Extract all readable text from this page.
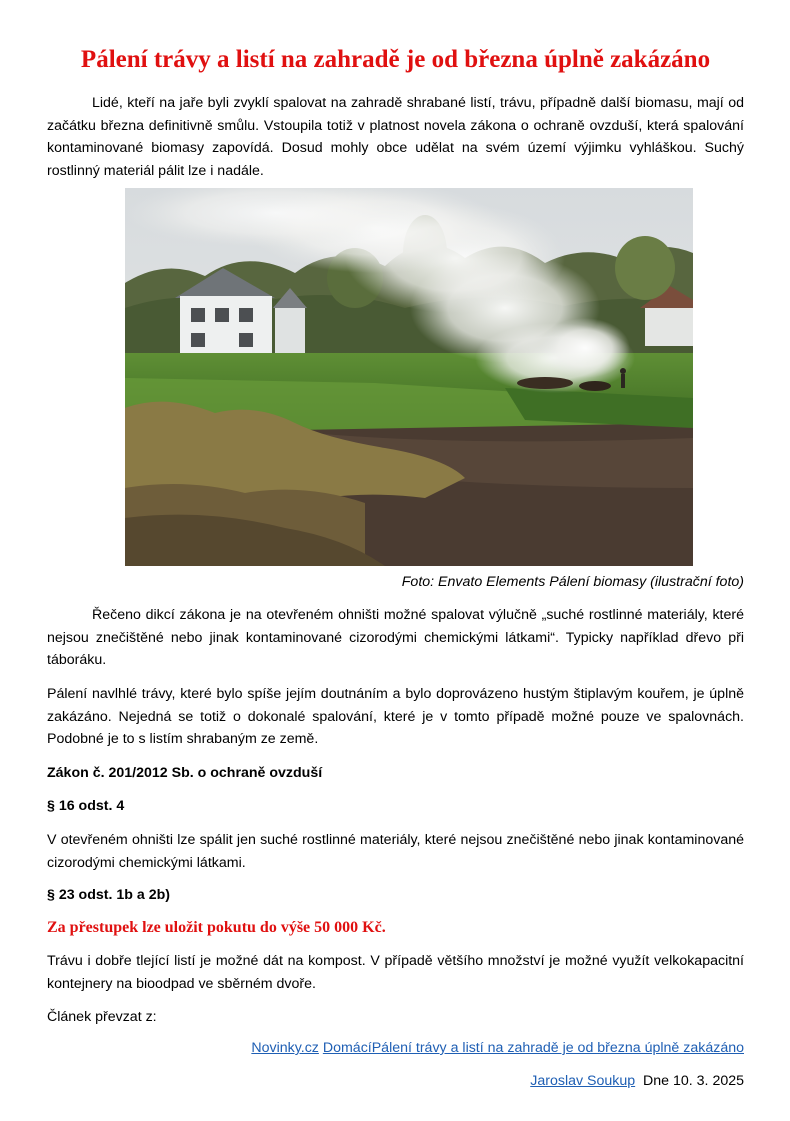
Pálení trávy a listí na zahradě je od března úplně zakázáno

Lidé, kteří na jaře byli zvyklí spalovat na zahradě shrabané listí, trávu, případně další biomasu, mají od začátku března definitivně smůlu. Vstoupila totiž v platnost novela zákona o ochraně ovzduší, která spalování kontaminované biomasy zapovídá. Dosud mohly obce udělat na svém území výjimku vyhláškou. Suchý rostlinný materiál pálit lze i nadále.

Foto: Envato Elements Pálení biomasy (ilustrační foto)

Řečeno dikcí zákona je na otevřeném ohništi možné spalovat výlučně „suché rostlinné materiály, které nejsou znečištěné nebo jinak kontaminované cizorodými chemickými látkami“. Typicky například dřevo při táboráku.

Pálení navlhlé trávy, které bylo spíše jejím doutnáním a bylo doprovázeno hustým štiplavým kouřem, je úplně zakázáno. Nejedná se totiž o dokonalé spalování, které je v tomto případě možné pouze ve spalovnách. Podobné je to s listím shrabaným ze země.

Zákon č. 201/2012 Sb. o ochraně ovzduší

§ 16 odst. 4

V otevřeném ohništi lze spálit jen suché rostlinné materiály, které nejsou znečištěné nebo jinak kontaminované cizorodými chemickými látkami.

§ 23 odst. 1b a 2b)

Za přestupek lze uložit pokutu do výše 50 000 Kč.

Trávu i dobře tlející listí je možné dát na kompost. V případě většího množství je možné využít velkokapacitní kontejnery na bioodpad ve sběrném dvoře.

Článek převzat z:

Novinky.cz DomácíPálení trávy a listí na zahradě je od března úplně zakázáno

Jaroslav Soukup Dne 10. 3. 2025
